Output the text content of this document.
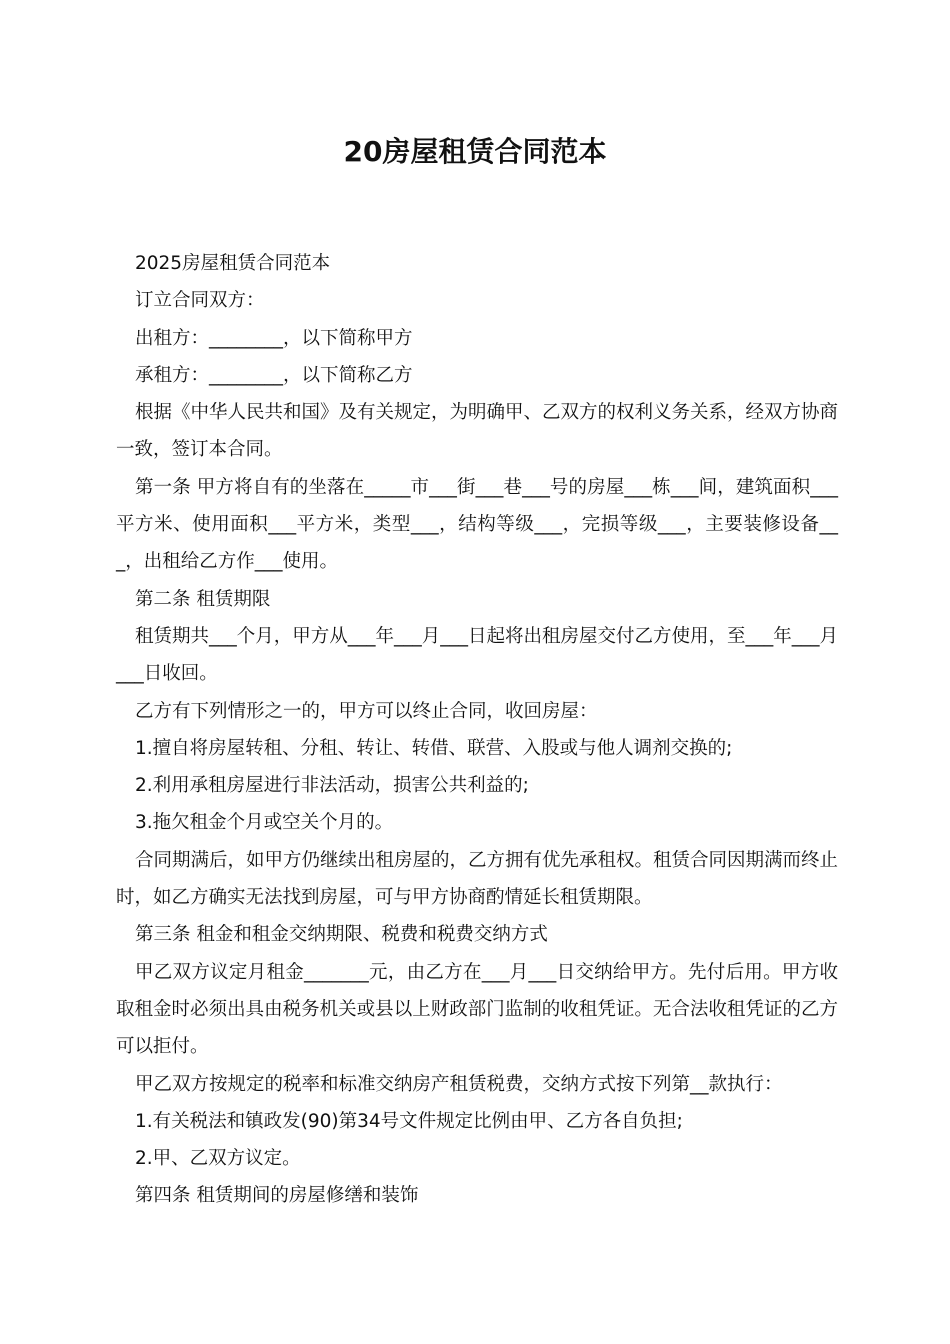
20房屋租赁合同范本

2025房屋租赁合同范本

订立合同双方：

出租方：________，以下简称甲方

承租方：________，以下简称乙方

根据《中华人民共和国》及有关规定，为明确甲、乙双方的权利义务关系，经双方协商一致，签订本合同。

第一条 甲方将自有的坐落在_____市___街___巷___号的房屋___栋___间，建筑面积___平方米、使用面积___平方米，类型___，结构等级___，完损等级___，主要装修设备___，出租给乙方作___使用。

第二条 租赁期限

租赁期共___个月，甲方从___年___月___日起将出租房屋交付乙方使用，至___年___月___日收回。

乙方有下列情形之一的，甲方可以终止合同，收回房屋：

1.擅自将房屋转租、分租、转让、转借、联营、入股或与他人调剂交换的;

2.利用承租房屋进行非法活动，损害公共利益的;

3.拖欠租金个月或空关个月的。

合同期满后，如甲方仍继续出租房屋的，乙方拥有优先承租权。租赁合同因期满而终止时，如乙方确实无法找到房屋，可与甲方协商酌情延长租赁期限。

第三条 租金和租金交纳期限、税费和税费交纳方式

甲乙双方议定月租金_______元，由乙方在___月___日交纳给甲方。先付后用。甲方收取租金时必须出具由税务机关或县以上财政部门监制的收租凭证。无合法收租凭证的乙方可以拒付。

甲乙双方按规定的税率和标准交纳房产租赁税费，交纳方式按下列第__款执行：

1.有关税法和镇政发(90)第34号文件规定比例由甲、乙方各自负担;

2.甲、乙双方议定。

第四条 租赁期间的房屋修缮和装饰
